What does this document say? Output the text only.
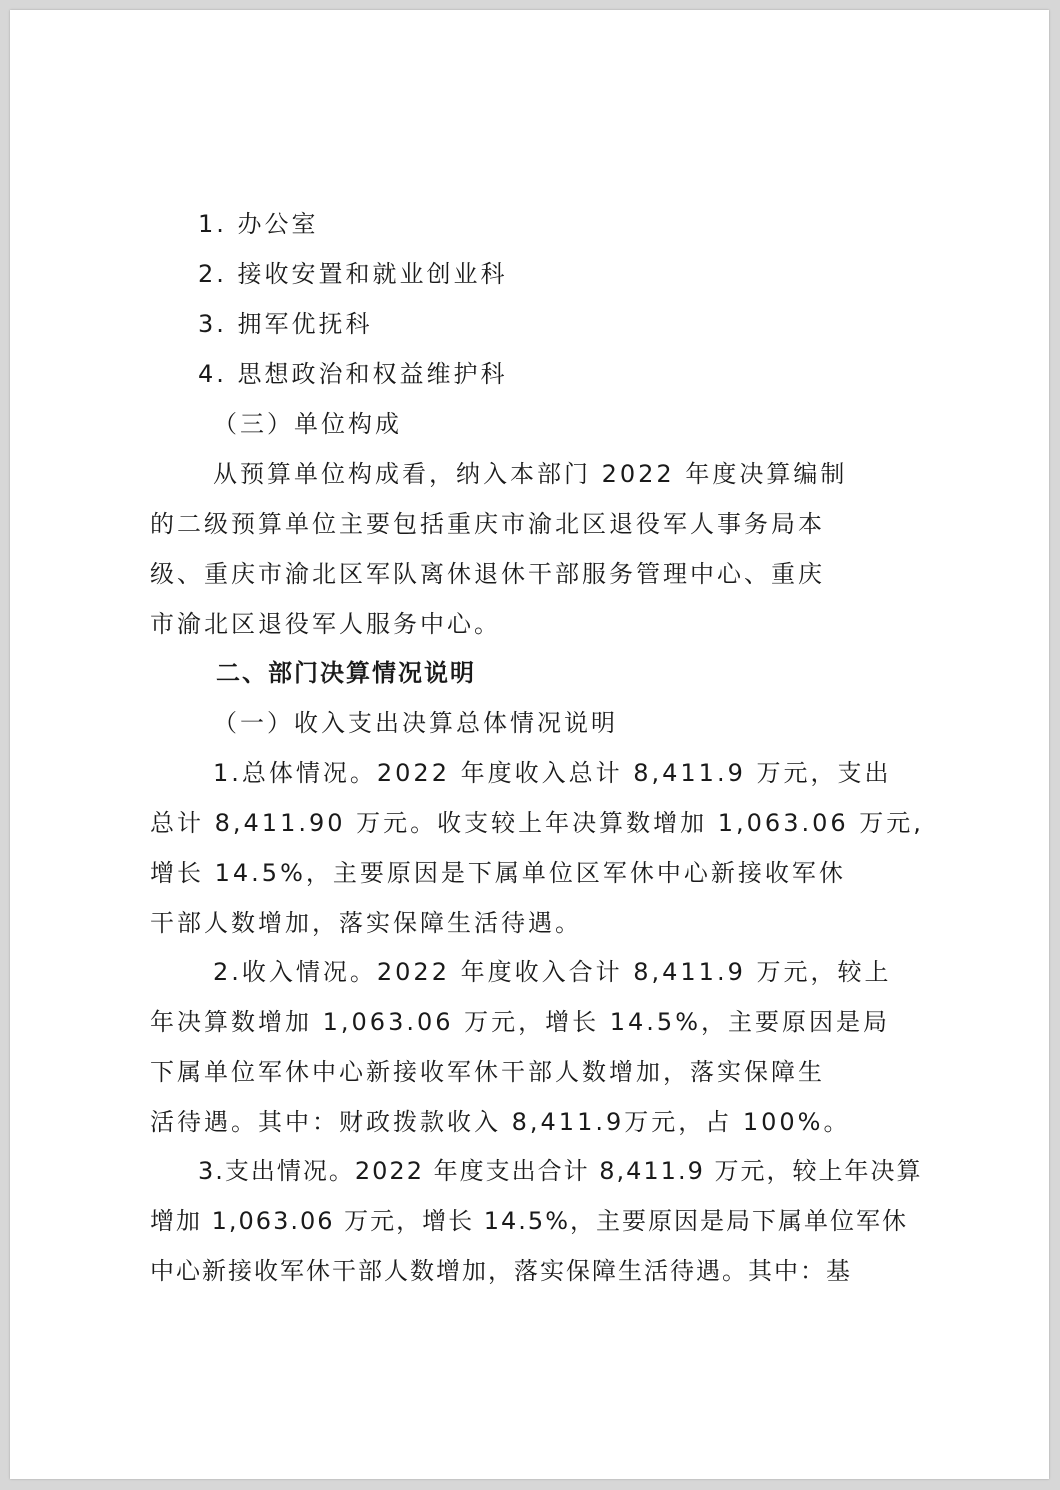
1. 办公室
2. 接收安置和就业创业科
3. 拥军优抚科
4. 思想政治和权益维护科
（三）单位构成
从预算单位构成看，纳入本部门 2022 年度决算编制
的二级预算单位主要包括重庆市渝北区退役军人事务局本
级、重庆市渝北区军队离休退休干部服务管理中心、重庆
市渝北区退役军人服务中心。
二、部门决算情况说明
（一）收入支出决算总体情况说明
1.总体情况。2022 年度收入总计 8,411.9 万元，支出
总计 8,411.90 万元。收支较上年决算数增加 1,063.06 万元,
增长 14.5%，主要原因是下属单位区军休中心新接收军休
干部人数增加，落实保障生活待遇。
2.收入情况。2022 年度收入合计 8,411.9 万元，较上
年决算数增加 1,063.06 万元，增长 14.5%，主要原因是局
下属单位军休中心新接收军休干部人数增加，落实保障生
活待遇。其中：财政拨款收入 8,411.9万元，占 100%。
3.支出情况。2022 年度支出合计 8,411.9 万元，较上年决算
增加 1,063.06 万元，增长 14.5%，主要原因是局下属单位军休
中心新接收军休干部人数增加，落实保障生活待遇。其中：基
